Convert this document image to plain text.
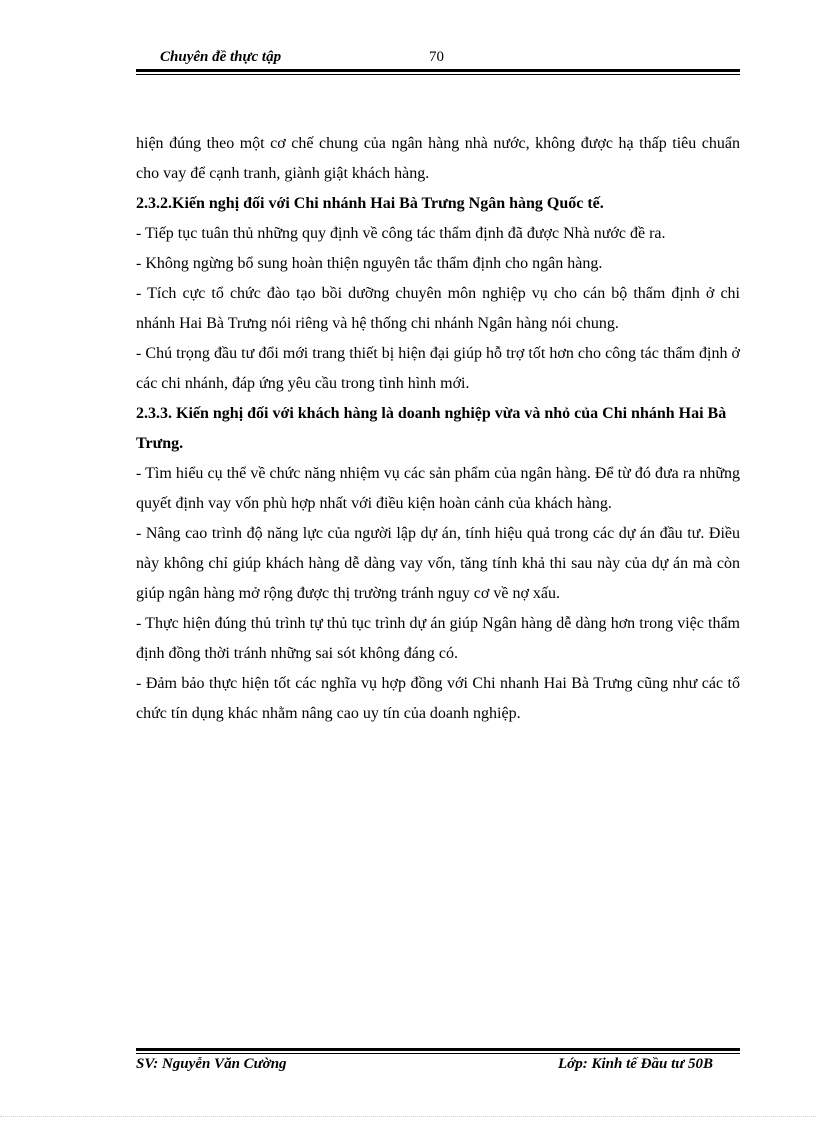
Chuyên đề thực tập	70

hiện đúng theo một cơ chế chung của ngân hàng nhà nước, không được hạ thấp tiêu chuẩn cho vay để cạnh tranh, giành giật khách hàng.

2.3.2.Kiến nghị đối với Chi nhánh Hai Bà Trưng Ngân hàng Quốc tế.

- Tiếp tục tuân thủ những quy định về công tác thẩm định đã được Nhà nước đề ra.

- Không ngừng bổ sung hoàn thiện nguyên tắc thẩm định cho ngân hàng.

- Tích cực tổ chức đào tạo bồi dưỡng chuyên môn nghiệp vụ cho cán bộ thẩm định ở chi nhánh Hai Bà Trưng nói riêng và hệ thống chi nhánh Ngân hàng nói chung.

- Chú trọng đầu tư đổi mới trang thiết bị hiện đại giúp hỗ trợ tốt hơn cho công tác thẩm định ở các chi nhánh, đáp ứng yêu cầu trong tình hình mới.

2.3.3. Kiến nghị đối với khách hàng là doanh nghiệp vừa và nhỏ của Chi nhánh Hai Bà Trưng.

- Tìm hiểu cụ thể về chức năng nhiệm vụ các sản phẩm của ngân hàng. Để từ đó đưa ra những quyết định vay vốn phù hợp nhất với điều kiện hoàn cảnh của khách hàng.

- Nâng cao trình độ năng lực của người lập dự án, tính hiệu quả trong các dự án đầu tư. Điều này không chỉ giúp khách hàng dễ dàng vay vốn, tăng tính khả thi sau này của dự án mà còn giúp ngân hàng mở rộng được thị trường tránh nguy cơ về nợ xấu.

- Thực hiện đúng thủ trình tự thủ tục trình dự án giúp Ngân hàng dễ dàng hơn trong việc thẩm định đồng thời tránh những sai sót không đáng có.

- Đảm bảo thực hiện tốt các nghĩa vụ hợp đồng với Chi nhanh Hai Bà Trưng cũng như các tổ chức tín dụng khác nhằm nâng cao uy tín của doanh nghiệp.

SV: Nguyễn Văn Cường	Lớp: Kinh tế Đầu tư 50B
